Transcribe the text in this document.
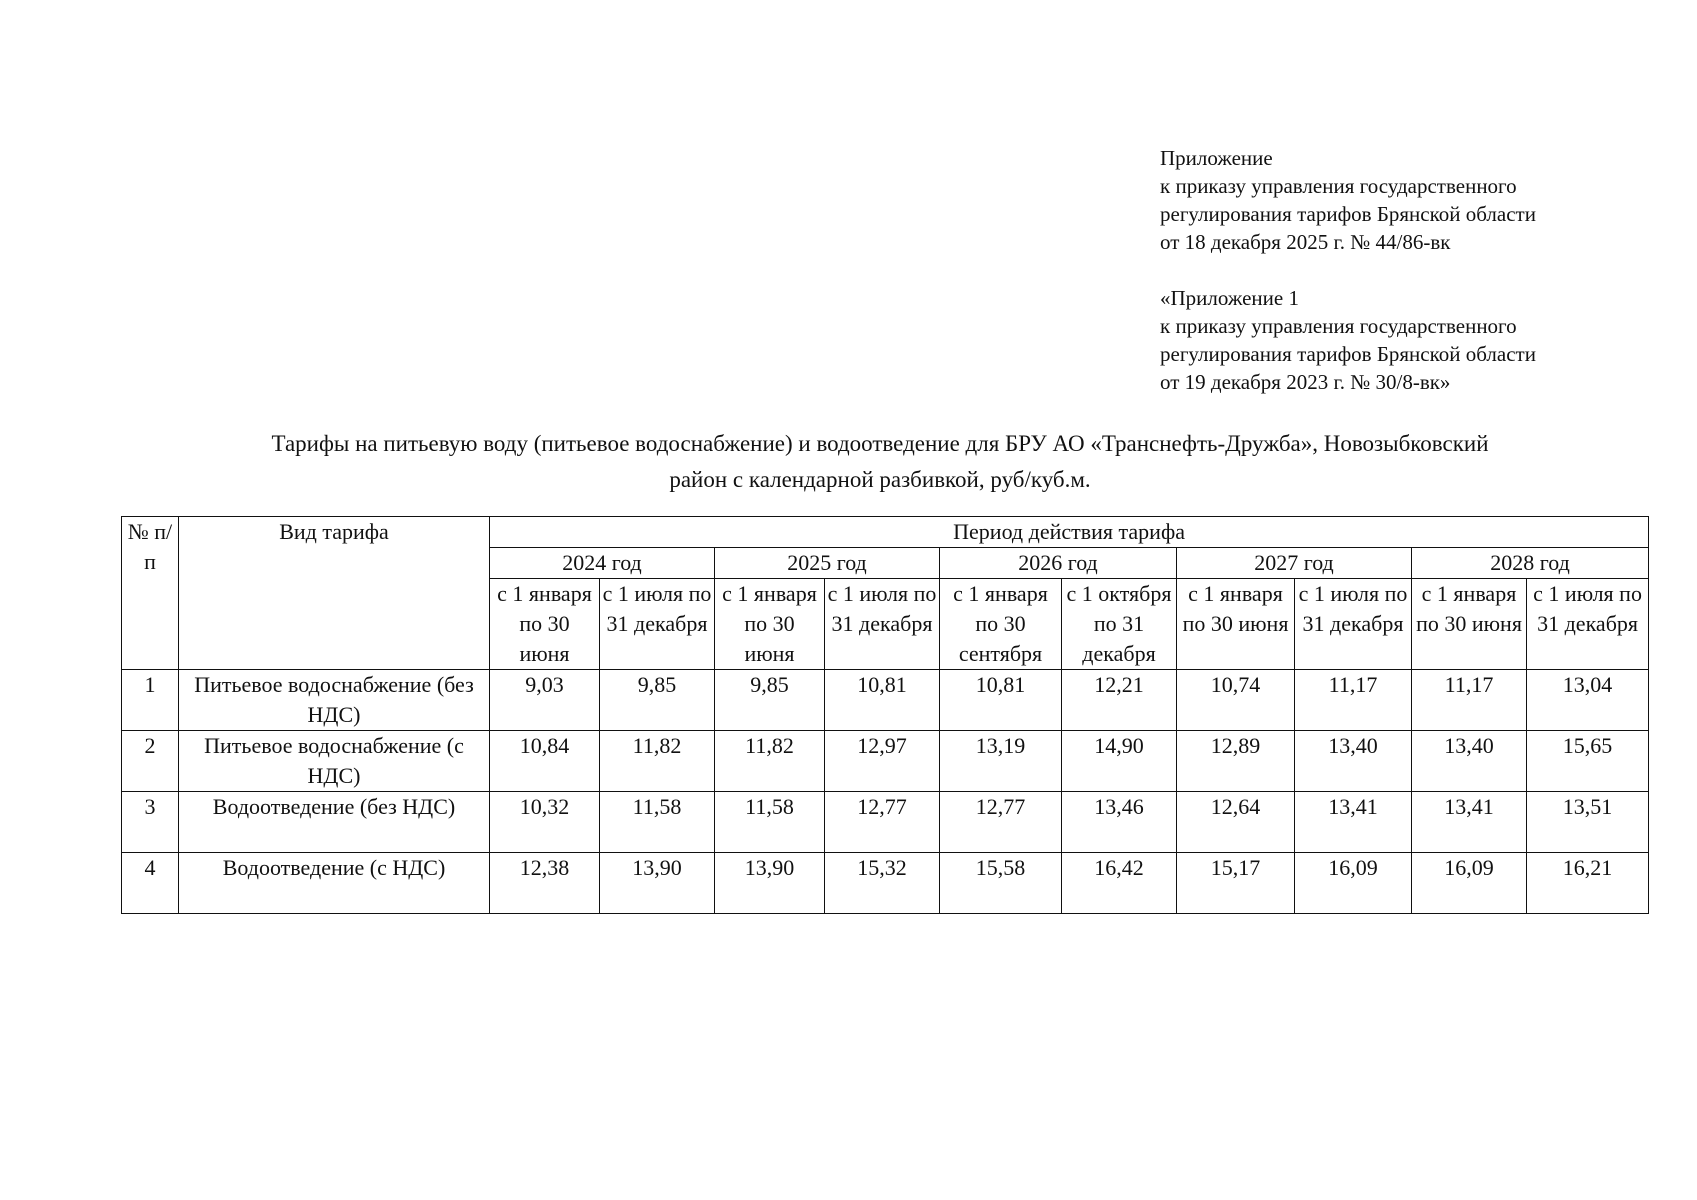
Приложение
к приказу управления государственного
регулирования тарифов Брянской области
от 18 декабря 2025 г. № 44/86-вк
«Приложение 1
к приказу управления государственного
регулирования тарифов Брянской области
от 19 декабря 2023 г. № 30/8-вк»
Тарифы на питьевую воду (питьевое водоснабжение) и водоотведение для БРУ АО «Транснефть-Дружба», Новозыбковский
район с календарной разбивкой, руб/куб.м.
№ п/п	Вид тарифа	Период действия тарифа									
		2024 год		2025 год		2026 год		2027 год		2028 год	
		с 1 января по 30 июня	с 1 июля по 31 декабря	с 1 января по 30 июня	с 1 июля по 31 декабря	с 1 января по 30 сентября	с 1 октября по 31 декабря	с 1 января по 30 июня	с 1 июля по 31 декабря	с 1 января по 30 июня	с 1 июля по 31 декабря
1	Питьевое водоснабжение (без НДС)	9,03	9,85	9,85	10,81	10,81	12,21	10,74	11,17	11,17	13,04
2	Питьевое водоснабжение (с НДС)	10,84	11,82	11,82	12,97	13,19	14,90	12,89	13,40	13,40	15,65
3	Водоотведение (без НДС)	10,32	11,58	11,58	12,77	12,77	13,46	12,64	13,41	13,41	13,51
4	Водоотведение (с НДС)	12,38	13,90	13,90	15,32	15,58	16,42	15,17	16,09	16,09	16,21
